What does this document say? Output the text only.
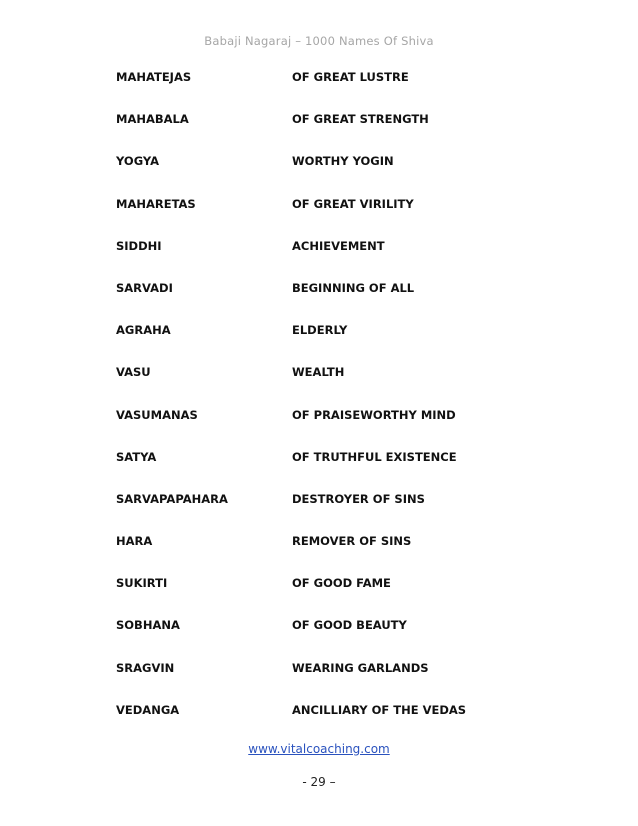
Babaji Nagaraj – 1000 Names Of Shiva
MAHATEJAS	OF GREAT LUSTRE
MAHABALA	OF GREAT STRENGTH
YOGYA	WORTHY YOGIN
MAHARETAS	OF GREAT VIRILITY
SIDDHI	ACHIEVEMENT
SARVADI	BEGINNING OF ALL
AGRAHA	ELDERLY
VASU	WEALTH
VASUMANAS	OF PRAISEWORTHY MIND
SATYA	OF TRUTHFUL EXISTENCE
SARVAPAPAHARA	DESTROYER OF SINS
HARA	REMOVER OF SINS
SUKIRTI	OF GOOD FAME
SOBHANA	OF GOOD BEAUTY
SRAGVIN	WEARING GARLANDS
VEDANGA	ANCILLIARY OF THE VEDAS
www.vitalcoaching.com
- 29 –
